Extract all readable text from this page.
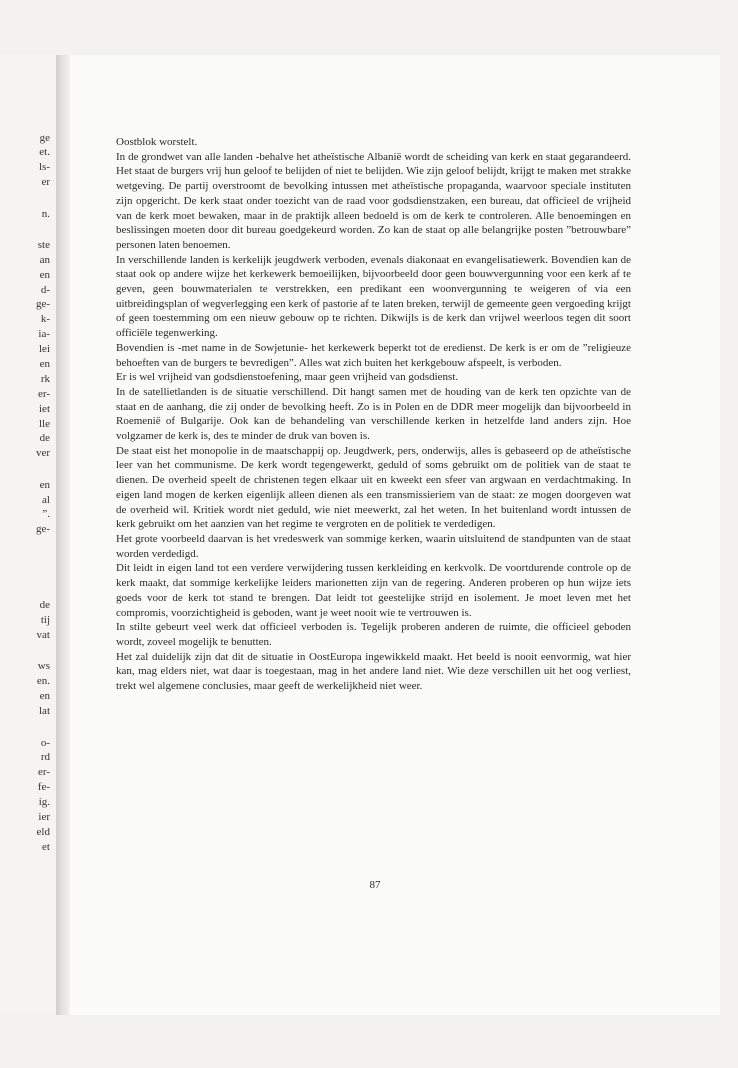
ge
et.
ls-
er
n.
ste
an
en
d-
ge-
k-
ia-
lei
en
rk
er-
iet
lle
de
ver
en
al
”.
ge-
de
tij
vat
ws
en.
en
lat
o-
rd
er-
fe-
ig.
ier
eld
et

Oostblok worstelt.

In de grondwet van alle landen -behalve het atheïstische Albanië wordt de scheiding van kerk en staat gegarandeerd. Het staat de burgers vrij hun geloof te belijden of niet te belijden. Wie zijn geloof belijdt, krijgt te maken met strakke wetgeving. De partij overstroomt de bevolking intussen met atheïstische propaganda, waarvoor speciale instituten zijn opgericht. De kerk staat onder toezicht van de raad voor godsdienstzaken, een bureau, dat officieel de vrijheid van de kerk moet bewaken, maar in de praktijk alleen bedoeld is om de kerk te controleren. Alle benoemingen en beslissingen moeten door dit bureau goedgekeurd worden. Zo kan de staat op alle belangrijke posten ”betrouwbare” personen laten benoemen.

In verschillende landen is kerkelijk jeugdwerk verboden, evenals diakonaat en evangelisatiewerk. Bovendien kan de staat ook op andere wijze het kerkewerk bemoeilijken, bijvoorbeeld door geen bouwvergunning voor een kerk af te geven, geen bouwmaterialen te verstrekken, een predikant een woonvergunning te weigeren of via een uitbreidingsplan of wegverlegging een kerk of pastorie af te laten breken, terwijl de gemeente geen vergoeding krijgt of geen toestemming om een nieuw gebouw op te richten. Dikwijls is de kerk dan vrijwel weerloos tegen dit soort officiële tegenwerking.

Bovendien is -met name in de Sowjetunie- het kerkewerk beperkt tot de eredienst. De kerk is er om de ”religieuze behoeften van de burgers te bevredigen”. Alles wat zich buiten het kerkgebouw afspeelt, is verboden.

Er is wel vrijheid van godsdienstoefening, maar geen vrijheid van godsdienst.

In de satellietlanden is de situatie verschillend. Dit hangt samen met de houding van de kerk ten opzichte van de staat en de aanhang, die zij onder de bevolking heeft. Zo is in Polen en de DDR meer mogelijk dan bijvoorbeeld in Roemenië of Bulgarije. Ook kan de behandeling van verschillende kerken in hetzelfde land anders zijn. Hoe volgzamer de kerk is, des te minder de druk van boven is.

De staat eist het monopolie in de maatschappij op. Jeugdwerk, pers, onderwijs, alles is gebaseerd op de atheïstische leer van het communisme. De kerk wordt tegengewerkt, geduld of soms gebruikt om de politiek van de staat te dienen. De overheid speelt de christenen tegen elkaar uit en kweekt een sfeer van argwaan en verdachtmaking. In eigen land mogen de kerken eigenlijk alleen dienen als een transmissieriem van de staat: ze mogen doorgeven wat de overheid wil. Kritiek wordt niet geduld, wie niet meewerkt, zal het weten. In het buitenland wordt intussen de kerk gebruikt om het aanzien van het regime te vergroten en de politiek te verdedigen.

Het grote voorbeeld daarvan is het vredeswerk van sommige kerken, waarin uitsluitend de standpunten van de staat worden verdedigd.

Dit leidt in eigen land tot een verdere verwijdering tussen kerkleiding en kerkvolk. De voortdurende controle op de kerk maakt, dat sommige kerkelijke leiders marionetten zijn van de regering. Anderen proberen op hun wijze iets goeds voor de kerk tot stand te brengen. Dat leidt tot geestelijke strijd en isolement. Je moet leven met het compromis, voorzichtigheid is geboden, want je weet nooit wie te vertrouwen is.

In stilte gebeurt veel werk dat officieel verboden is. Tegelijk proberen anderen de ruimte, die officieel geboden wordt, zoveel mogelijk te benutten.

Het zal duidelijk zijn dat dit de situatie in OostEuropa ingewikkeld maakt. Het beeld is nooit eenvormig, wat hier kan, mag elders niet, wat daar is toegestaan, mag in het andere land niet. Wie deze verschillen uit het oog verliest, trekt wel algemene conclusies, maar geeft de werkelijkheid niet weer.

87
